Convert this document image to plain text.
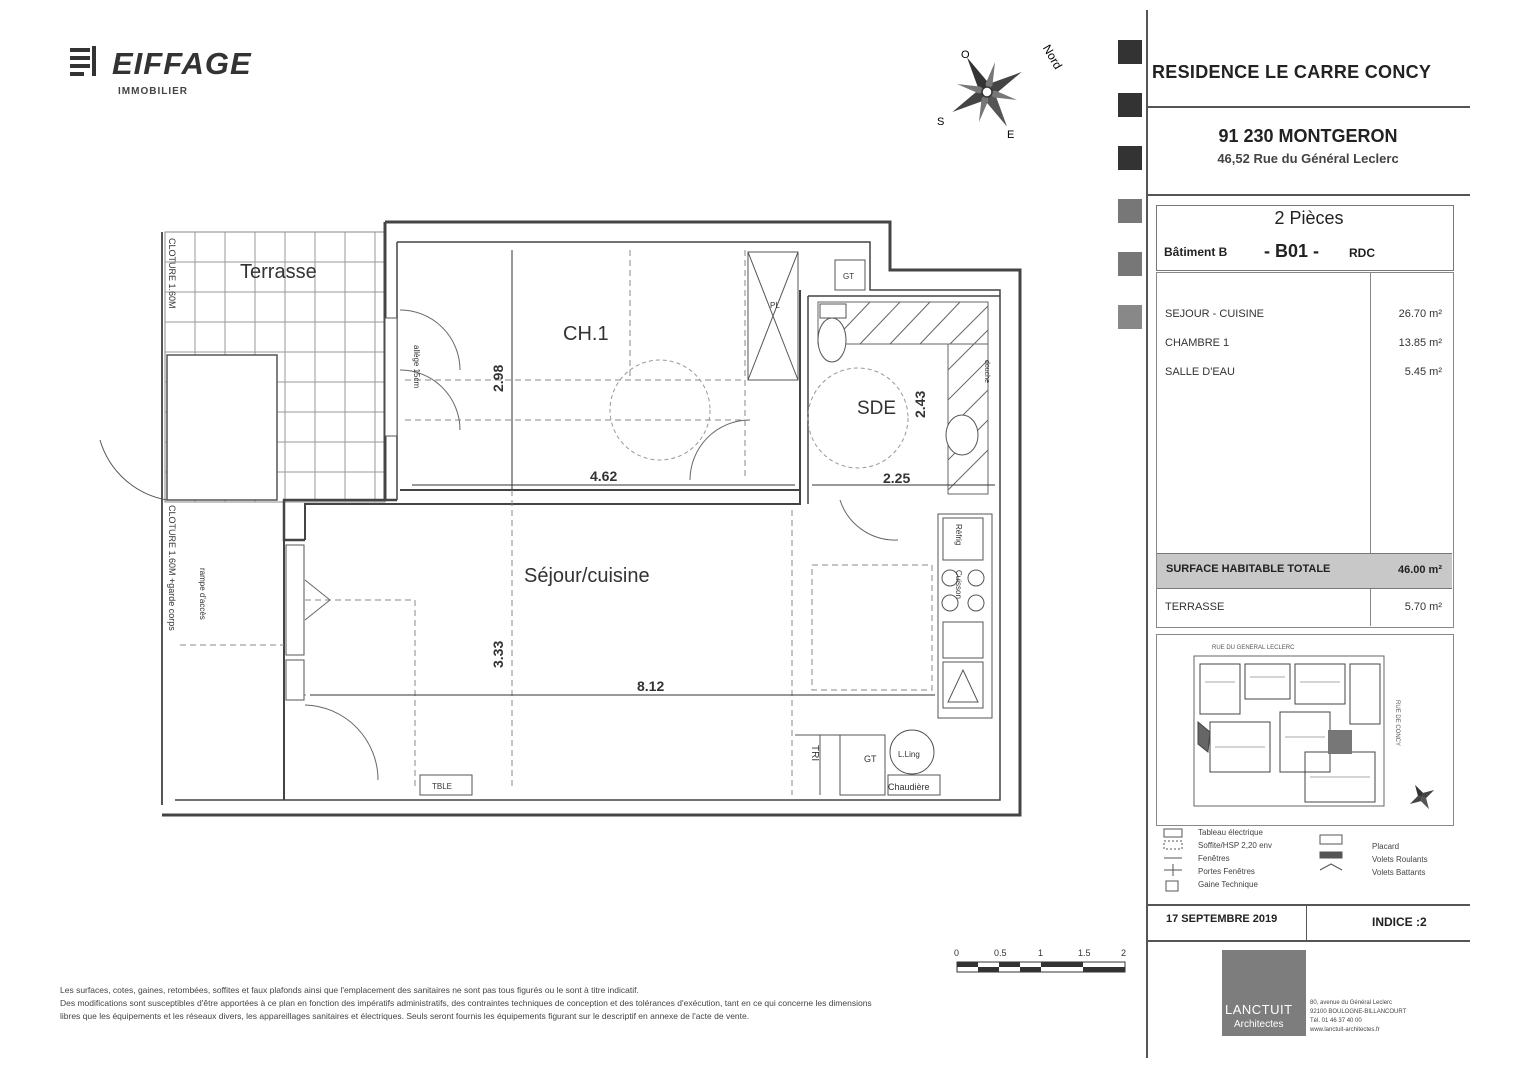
EIFFAGE
IMMOBILIER
Nord
O
S
E
Terrasse
CH.1
SDE
Séjour/cuisine
4.62	2.25
8.12
2.98
2.43
3.33
CLOTURE 1.60M
CLOTURE 1.60M +garde corps
allège 15cm
rampe d'accès
PL
GT
GT
TRI
Réfrig
Cuisson
L.Ling
Chaudière
TBLE
douche
0	0.5	1	1.5	2
RESIDENCE LE CARRE CONCY
91 230 MONTGERON
46,52 Rue du Général Leclerc
2 Pièces
Bâtiment B - B01 - RDC
SEJOUR - CUISINE	26.70 m²
CHAMBRE 1	13.85 m²
SALLE D'EAU	5.45 m²
SURFACE HABITABLE TOTALE	46.00 m²
TERRASSE	5.70 m²
RUE DU GENERAL LECLERC
RUE DE CONCY
Tableau électrique
Soffite/HSP 2,20 env
Fenêtres
Portes Fenêtres
Gaine Technique
Placard
Volets Roulants
Volets Battants
17 SEPTEMBRE 2019	INDICE :2
LANCTUIT
Architectes
80, avenue du Général Leclerc
92100 BOULOGNE-BILLANCOURT
Tél. 01 46 37 40 00
www.lanctuit-architectes.fr
Les surfaces, cotes, gaines, retombées, soffites et faux plafonds ainsi que l'emplacement des sanitaires ne sont pas tous figurés ou le sont à titre indicatif.
Des modifications sont susceptibles d'être apportées à ce plan en fonction des impératifs administratifs, des contraintes techniques de conception et des tolérances d'exécution, tant en ce qui concerne les dimensions
libres que les équipements et les réseaux divers, les appareillages sanitaires et électriques. Seuls seront fournis les équipements figurant sur le descriptif en annexe de l'acte de vente.
